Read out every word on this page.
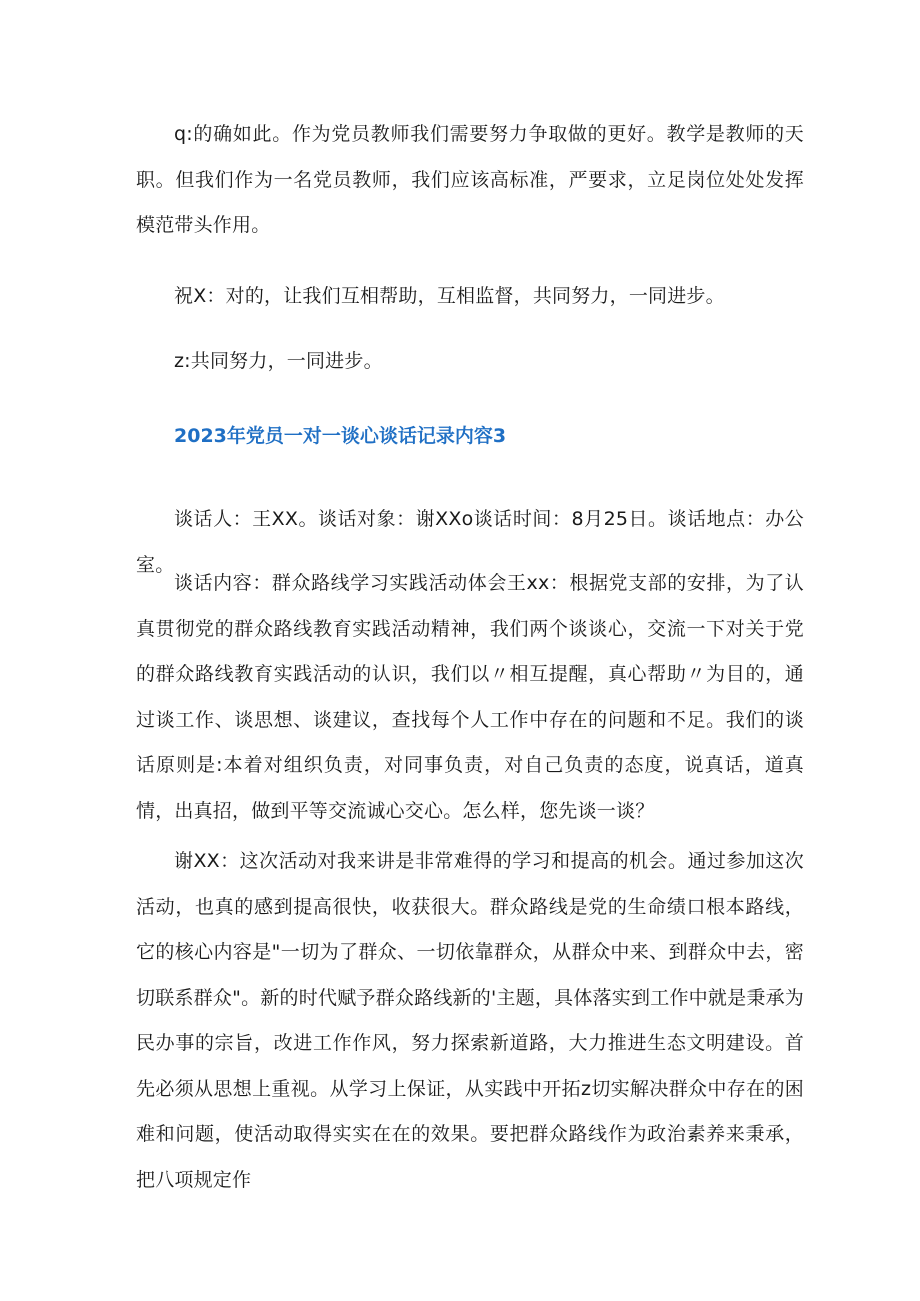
q:的确如此。作为党员教师我们需要努力争取做的更好。教学是教师的天职。但我们作为一名党员教师，我们应该高标准，严要求，立足岗位处处发挥模范带头作用。

祝X：对的，让我们互相帮助，互相监督，共同努力，一同进步。

z:共同努力，一同进步。

2023年党员一对一谈心谈话记录内容3

谈话人：王XX。谈话对象：谢XXo谈话时间：8月25日。谈话地点：办公室。

谈话内容：群众路线学习实践活动体会王xx：根据党支部的安排，为了认真贯彻党的群众路线教育实践活动精神，我们两个谈谈心，交流一下对关于党的群众路线教育实践活动的认识，我们以〃相互提醒，真心帮助〃为目的，通过谈工作、谈思想、谈建议，查找每个人工作中存在的问题和不足。我们的谈话原则是:本着对组织负责，对同事负责，对自己负责的态度，说真话，道真情，出真招，做到平等交流诚心交心。怎么样，您先谈一谈？

谢XX：这次活动对我来讲是非常难得的学习和提高的机会。通过参加这次活动，也真的感到提高很快，收获很大。群众路线是党的生命绩口根本路线，它的核心内容是"一切为了群众、一切依靠群众，从群众中来、到群众中去，密切联系群众"。新的时代赋予群众路线新的'主题，具体落实到工作中就是秉承为民办事的宗旨，改进工作作风，努力探索新道路，大力推进生态文明建设。首先必须从思想上重视。从学习上保证，从实践中开拓z切实解决群众中存在的困难和问题，使活动取得实实在在的效果。要把群众路线作为政治素养来秉承，把八项规定作
